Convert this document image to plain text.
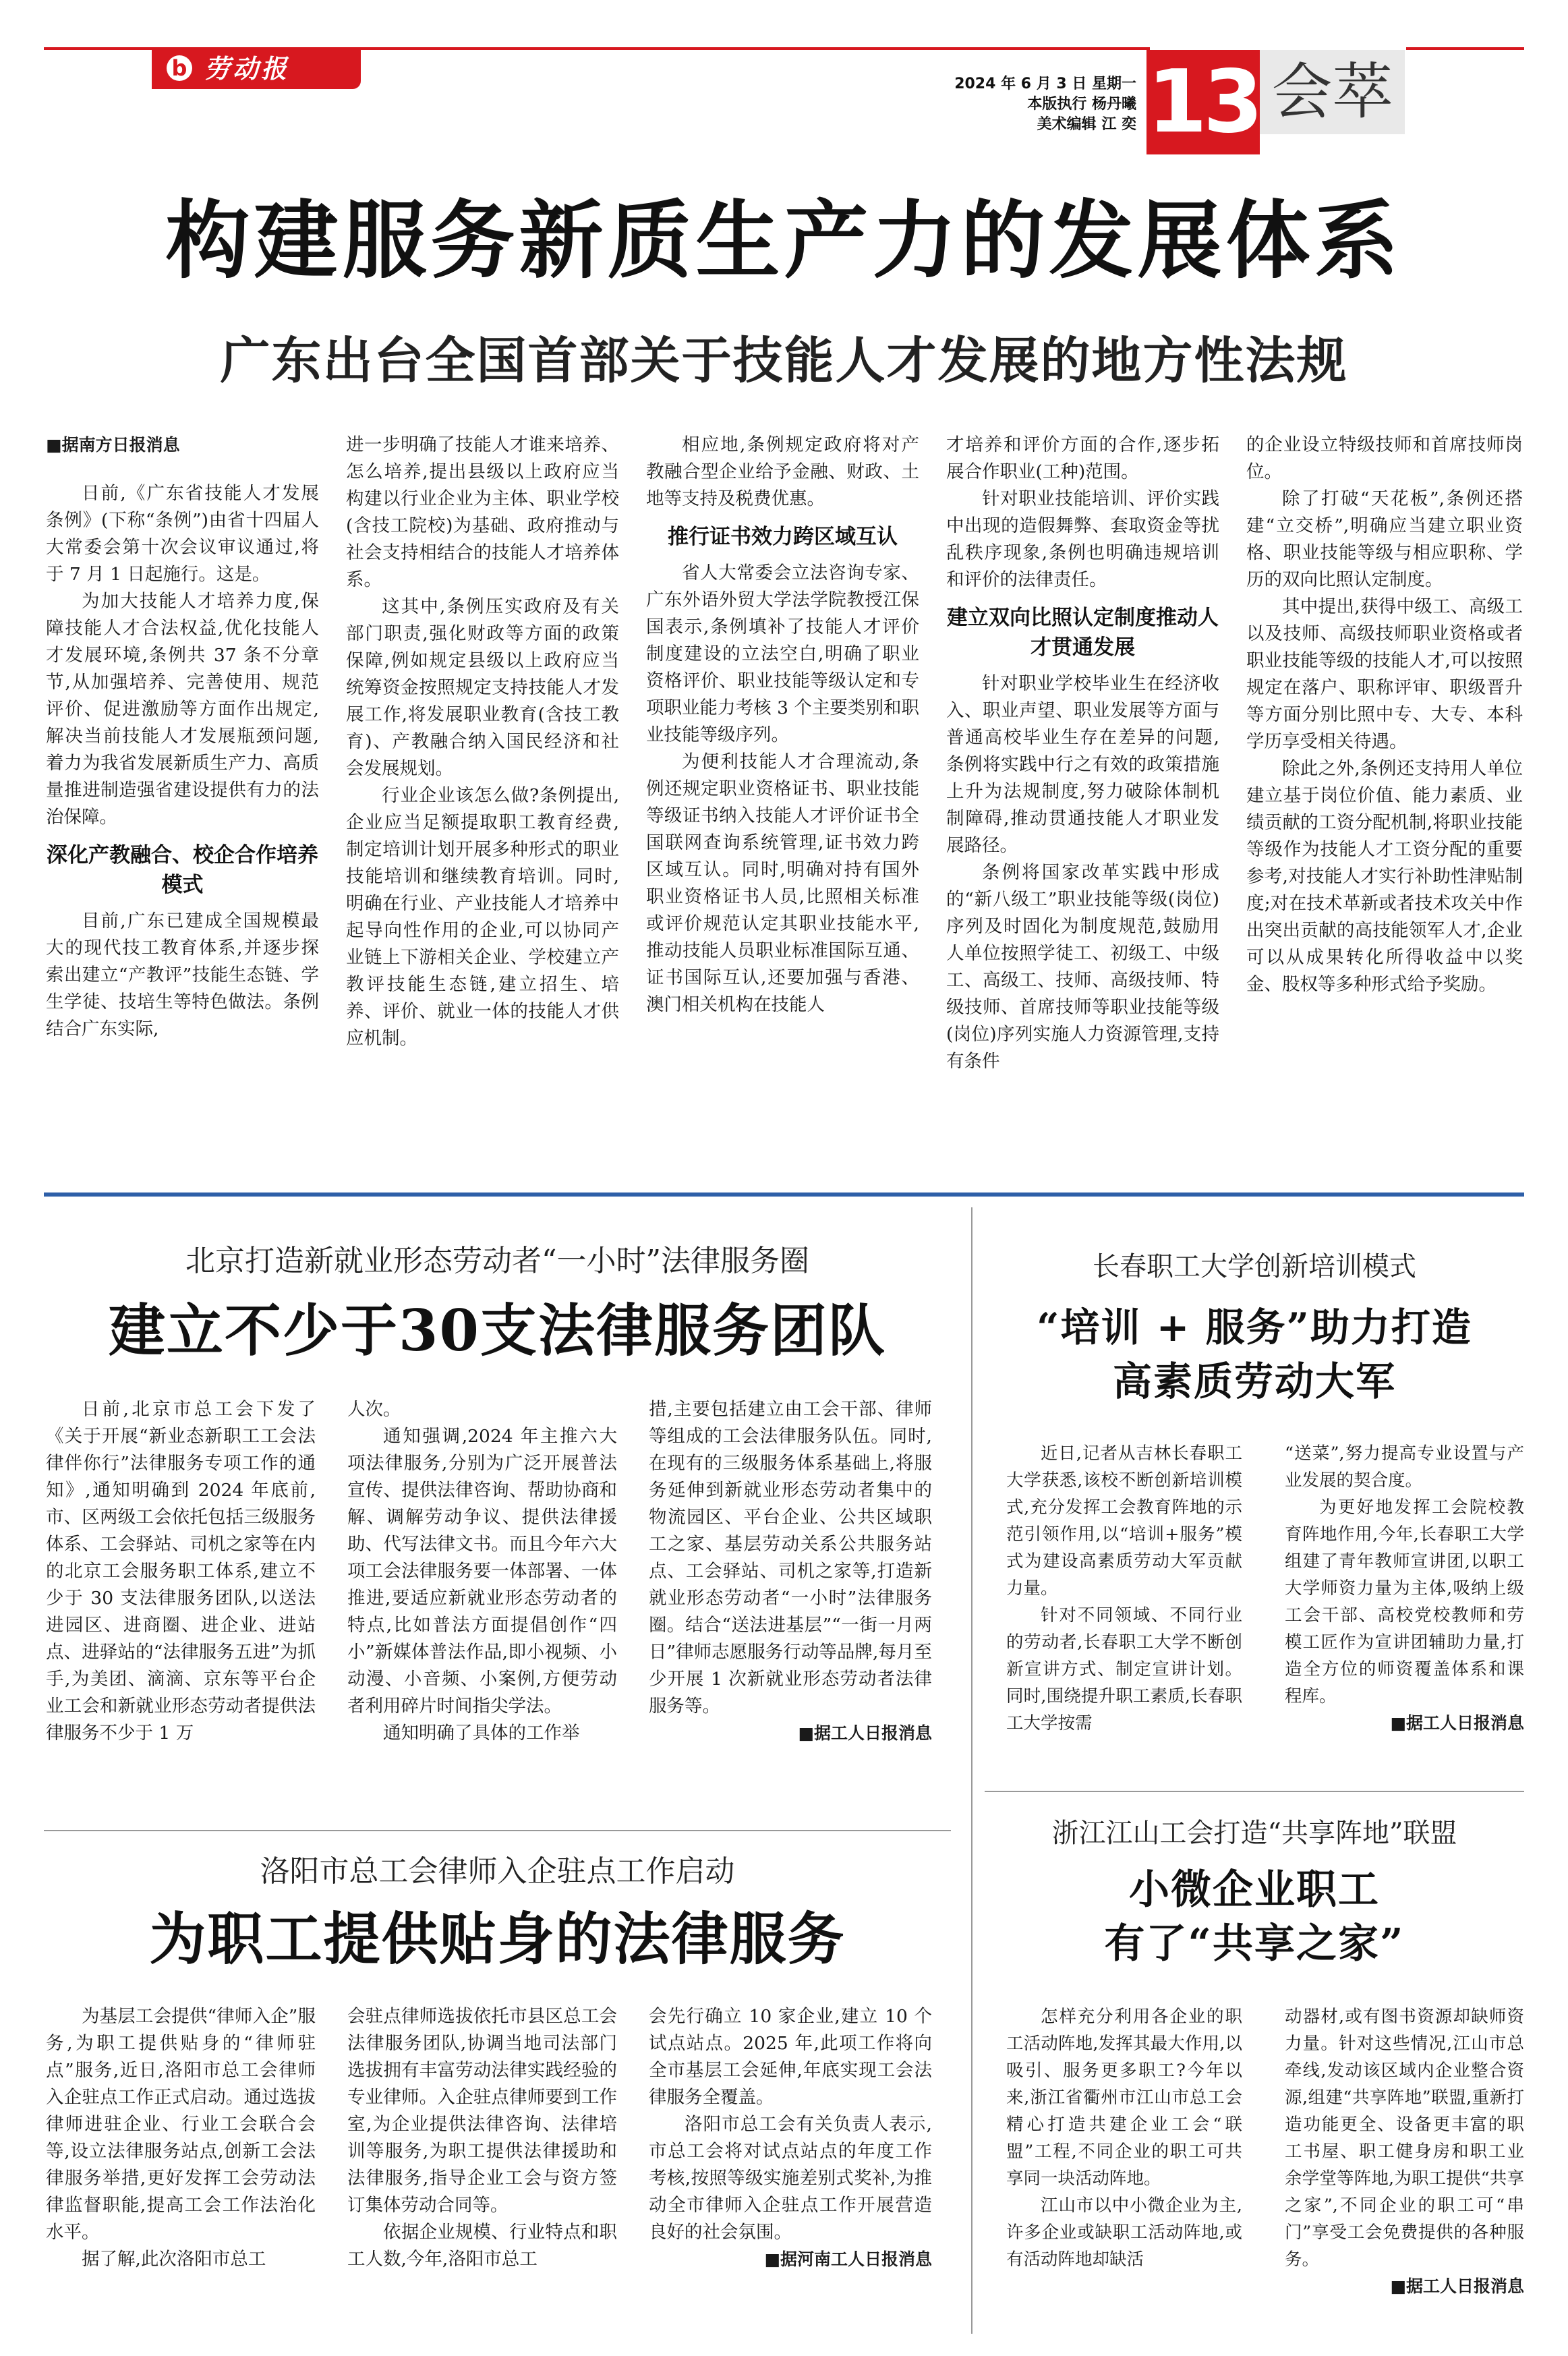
b 劳动报
2024 年 6 月 3 日 星期一
本版执行 杨丹曦
美术编辑 江 奕 13 会萃
构建服务新质生产力的发展体系
广东出台全国首部关于技能人才发展的地方性法规
■据南方日报消息

日前,《广东省技能人才发展条例》(下称“条例”)由省十四届人大常委会第十次会议审议通过,将于 7 月 1 日起施行。这是。

为加大技能人才培养力度,保障技能人才合法权益,优化技能人才发展环境,条例共 37 条不分章节,从加强培养、完善使用、规范评价、促进激励等方面作出规定,解决当前技能人才发展瓶颈问题,着力为我省发展新质生产力、高质量推进制造强省建设提供有力的法治保障。

深化产教融合、校企合作培养模式

目前,广东已建成全国规模最大的现代技工教育体系,并逐步探索出建立“产教评”技能生态链、学生学徒、技培生等特色做法。条例结合广东实际,

进一步明确了技能人才谁来培养、怎么培养,提出县级以上政府应当构建以行业企业为主体、职业学校(含技工院校)为基础、政府推动与社会支持相结合的技能人才培养体系。

这其中,条例压实政府及有关部门职责,强化财政等方面的政策保障,例如规定县级以上政府应当统筹资金按照规定支持技能人才发展工作,将发展职业教育(含技工教育)、产教融合纳入国民经济和社会发展规划。

行业企业该怎么做?条例提出,企业应当足额提取职工教育经费,制定培训计划开展多种形式的职业技能培训和继续教育培训。同时,明确在行业、产业技能人才培养中起导向性作用的企业,可以协同产业链上下游相关企业、学校建立产教评技能生态链,建立招生、培养、评价、就业一体的技能人才供应机制。

相应地,条例规定政府将对产教融合型企业给予金融、财政、土地等支持及税费优惠。

推行证书效力跨区域互认

省人大常委会立法咨询专家、广东外语外贸大学法学院教授江保国表示,条例填补了技能人才评价制度建设的立法空白,明确了职业资格评价、职业技能等级认定和专项职业能力考核 3 个主要类别和职业技能等级序列。

为便利技能人才合理流动,条例还规定职业资格证书、职业技能等级证书纳入技能人才评价证书全国联网查询系统管理,证书效力跨区域互认。同时,明确对持有国外职业资格证书人员,比照相关标准或评价规范认定其职业技能水平,推动技能人员职业标准国际互通、证书国际互认,还要加强与香港、澳门相关机构在技能人

才培养和评价方面的合作,逐步拓展合作职业(工种)范围。

针对职业技能培训、评价实践中出现的造假舞弊、套取资金等扰乱秩序现象,条例也明确违规培训和评价的法律责任。

建立双向比照认定制度推动人才贯通发展

针对职业学校毕业生在经济收入、职业声望、职业发展等方面与普通高校毕业生存在差异的问题,条例将实践中行之有效的政策措施上升为法规制度,努力破除体制机制障碍,推动贯通技能人才职业发展路径。

条例将国家改革实践中形成的“新八级工”职业技能等级(岗位)序列及时固化为制度规范,鼓励用人单位按照学徒工、初级工、中级工、高级工、技师、高级技师、特级技师、首席技师等职业技能等级(岗位)序列实施人力资源管理,支持有条件

的企业设立特级技师和首席技师岗位。

除了打破“天花板”,条例还搭建“立交桥”,明确应当建立职业资格、职业技能等级与相应职称、学历的双向比照认定制度。

其中提出,获得中级工、高级工以及技师、高级技师职业资格或者职业技能等级的技能人才,可以按照规定在落户、职称评审、职级晋升等方面分别比照中专、大专、本科学历享受相关待遇。

除此之外,条例还支持用人单位建立基于岗位价值、能力素质、业绩贡献的工资分配机制,将职业技能等级作为技能人才工资分配的重要参考,对技能人才实行补助性津贴制度;对在技术革新或者技术攻关中作出突出贡献的高技能领军人才,企业可以从成果转化所得收益中以奖金、股权等多种形式给予奖励。

北京打造新就业形态劳动者“一小时”法律服务圈
建立不少于30支法律服务团队

日前,北京市总工会下发了《关于开展“新业态新职工工会法律伴你行”法律服务专项工作的通知》,通知明确到 2024 年底前,市、区两级工会依托包括三级服务体系、工会驿站、司机之家等在内的北京工会服务职工体系,建立不少于 30 支法律服务团队,以送法进园区、进商圈、进企业、进站点、进驿站的“法律服务五进”为抓手,为美团、滴滴、京东等平台企业工会和新就业形态劳动者提供法律服务不少于 1 万

人次。

通知强调,2024 年主推六大项法律服务,分别为广泛开展普法宣传、提供法律咨询、帮助协商和解、调解劳动争议、提供法律援助、代写法律文书。而且今年六大项工会法律服务要一体部署、一体推进,要适应新就业形态劳动者的特点,比如普法方面提倡创作“四小”新媒体普法作品,即小视频、小动漫、小音频、小案例,方便劳动者利用碎片时间指尖学法。

通知明确了具体的工作举

措,主要包括建立由工会干部、律师等组成的工会法律服务队伍。同时,在现有的三级服务体系基础上,将服务延伸到新就业形态劳动者集中的物流园区、平台企业、公共区域职工之家、基层劳动关系公共服务站点、工会驿站、司机之家等,打造新就业形态劳动者“一小时”法律服务圈。结合“送法进基层”“一街一月两日”律师志愿服务行动等品牌,每月至少开展 1 次新就业形态劳动者法律服务等。

■据工人日报消息

洛阳市总工会律师入企驻点工作启动
为职工提供贴身的法律服务

为基层工会提供“律师入企”服务,为职工提供贴身的“律师驻点”服务,近日,洛阳市总工会律师入企驻点工作正式启动。通过选拔律师进驻企业、行业工会联合会等,设立法律服务站点,创新工会法律服务举措,更好发挥工会劳动法律监督职能,提高工会工作法治化水平。

据了解,此次洛阳市总工

会驻点律师选拔依托市县区总工会法律服务团队,协调当地司法部门选拔拥有丰富劳动法律实践经验的专业律师。入企驻点律师要到工作室,为企业提供法律咨询、法律培训等服务,为职工提供法律援助和法律服务,指导企业工会与资方签订集体劳动合同等。

依据企业规模、行业特点和职工人数,今年,洛阳市总工

会先行确立 10 家企业,建立 10 个试点站点。2025 年,此项工作将向全市基层工会延伸,年底实现工会法律服务全覆盖。

洛阳市总工会有关负责人表示,市总工会将对试点站点的年度工作考核,按照等级实施差别式奖补,为推动全市律师入企驻点工作开展营造良好的社会氛围。

■据河南工人日报消息

长春职工大学创新培训模式
“培训 + 服务”助力打造
高素质劳动大军

近日,记者从吉林长春职工大学获悉,该校不断创新培训模式,充分发挥工会教育阵地的示范引领作用,以“培训+服务”模式为建设高素质劳动大军贡献力量。

针对不同领域、不同行业的劳动者,长春职工大学不断创新宣讲方式、制定宣讲计划。同时,围绕提升职工素质,长春职工大学按需

“送菜”,努力提高专业设置与产业发展的契合度。

为更好地发挥工会院校教育阵地作用,今年,长春职工大学组建了青年教师宣讲团,以职工大学师资力量为主体,吸纳上级工会干部、高校党校教师和劳模工匠作为宣讲团辅助力量,打造全方位的师资覆盖体系和课程库。

■据工人日报消息

浙江江山工会打造“共享阵地”联盟
小微企业职工
有了“共享之家”

怎样充分利用各企业的职工活动阵地,发挥其最大作用,以吸引、服务更多职工?今年以来,浙江省衢州市江山市总工会精心打造共建企业工会“联盟”工程,不同企业的职工可共享同一块活动阵地。

江山市以中小微企业为主,许多企业或缺职工活动阵地,或有活动阵地却缺活

动器材,或有图书资源却缺师资力量。针对这些情况,江山市总牵线,发动该区域内企业整合资源,组建“共享阵地”联盟,重新打造功能更全、设备更丰富的职工书屋、职工健身房和职工业余学堂等阵地,为职工提供“共享之家”,不同企业的职工可“串门”享受工会免费提供的各种服务。

■据工人日报消息
